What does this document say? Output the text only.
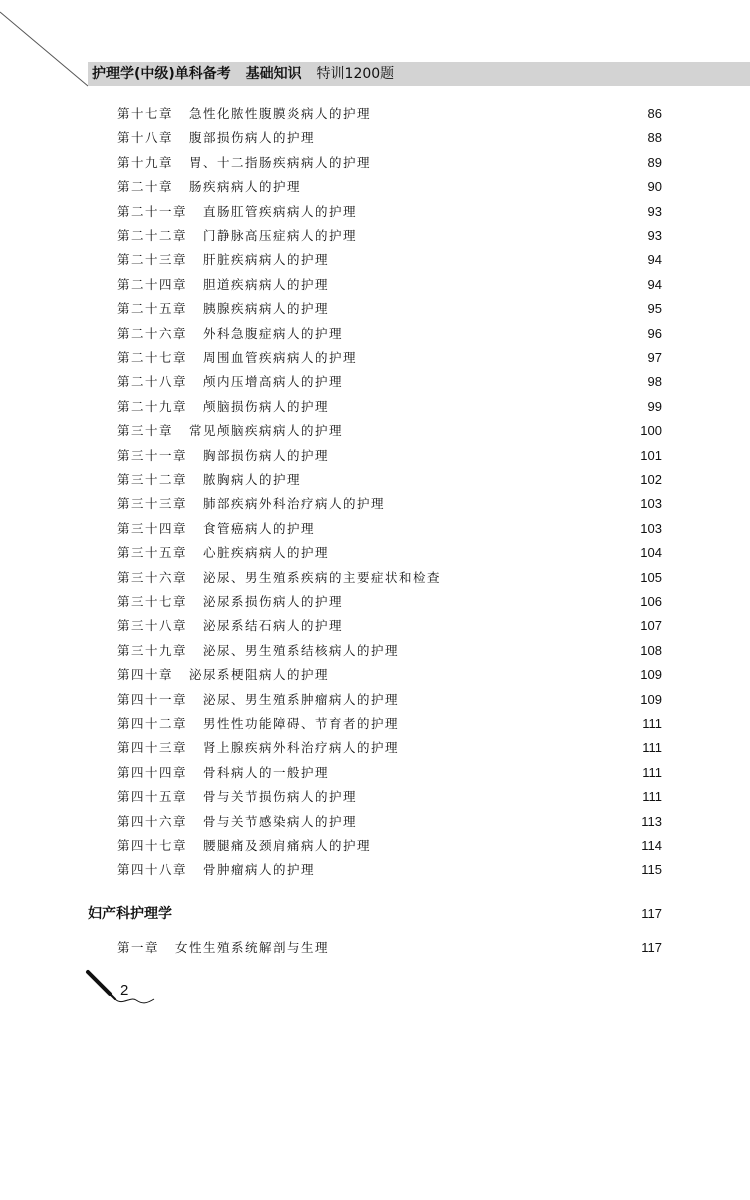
护理学(中级)单科备考 基础知识 特训1200题
第十七章	急性化脓性腹膜炎病人的护理	86
第十八章	腹部损伤病人的护理	88
第十九章	胃、十二指肠疾病病人的护理	89
第二十章	肠疾病病人的护理	90
第二十一章	直肠肛管疾病病人的护理	93
第二十二章	门静脉高压症病人的护理	93
第二十三章	肝脏疾病病人的护理	94
第二十四章	胆道疾病病人的护理	94
第二十五章	胰腺疾病病人的护理	95
第二十六章	外科急腹症病人的护理	96
第二十七章	周围血管疾病病人的护理	97
第二十八章	颅内压增高病人的护理	98
第二十九章	颅脑损伤病人的护理	99
第三十章	常见颅脑疾病病人的护理	100
第三十一章	胸部损伤病人的护理	101
第三十二章	脓胸病人的护理	102
第三十三章	肺部疾病外科治疗病人的护理	103
第三十四章	食管癌病人的护理	103
第三十五章	心脏疾病病人的护理	104
第三十六章	泌尿、男生殖系疾病的主要症状和检查	105
第三十七章	泌尿系损伤病人的护理	106
第三十八章	泌尿系结石病人的护理	107
第三十九章	泌尿、男生殖系结核病人的护理	108
第四十章	泌尿系梗阻病人的护理	109
第四十一章	泌尿、男生殖系肿瘤病人的护理	109
第四十二章	男性性功能障碍、节育者的护理	111
第四十三章	肾上腺疾病外科治疗病人的护理	111
第四十四章	骨科病人的一般护理	111
第四十五章	骨与关节损伤病人的护理	111
第四十六章	骨与关节感染病人的护理	113
第四十七章	腰腿痛及颈肩痛病人的护理	114
第四十八章	骨肿瘤病人的护理	115
妇产科护理学	117
第一章	女性生殖系统解剖与生理	117
2
